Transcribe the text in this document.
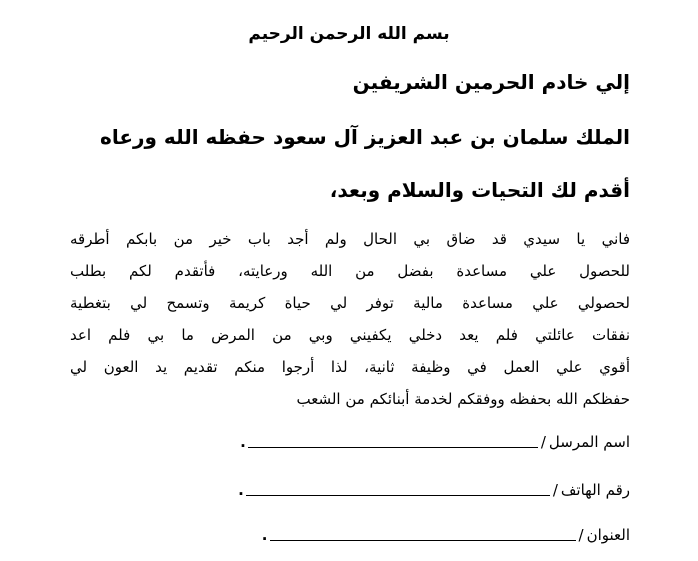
بسم الله الرحمن الرحيم

إلي خادم الحرمين الشريفين

الملك سلمان بن عبد العزيز آل سعود حفظه الله ورعاه

أقدم لك التحيات والسلام وبعد،

فاني يا سيدي قد ضاق بي الحال ولم أجد باب خير من بابكم أطرقه
للحصول علي مساعدة بفضل من الله ورعايته، فأتقدم لكم بطلب
لحصولي علي مساعدة مالية توفر لي حياة كريمة وتسمح لي بتغطية
نفقات عائلتي فلم يعد دخلي يكفيني وبي من المرض ما بي فلم اعد
أقوي علي العمل في وظيفة ثانية، لذا أرجوا منكم تقديم يد العون لي
حفظكم الله بحفظه ووفقكم لخدمة أبنائكم من الشعب
اسم المرسل
/
.
رقم الهاتف
/
.
العنوان
/
.
